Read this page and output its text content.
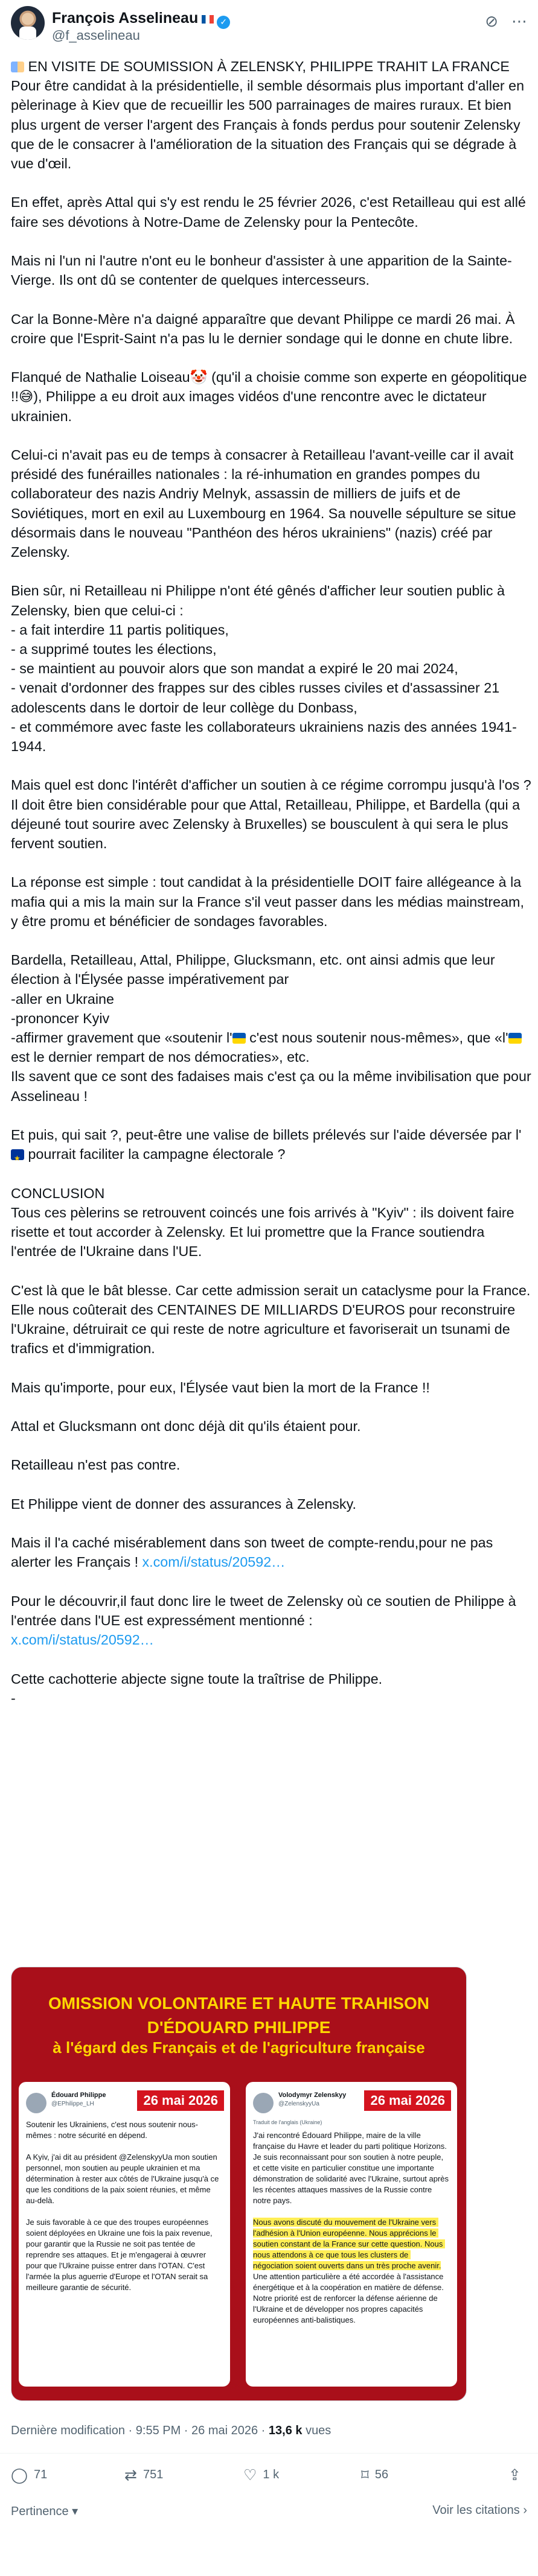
François Asselineau	✓
@f_asselineau
⊘ ⋯

EN VISITE DE SOUMISSION À ZELENSKY, PHILIPPE TRAHIT LA FRANCE
Pour être candidat à la présidentielle, il semble désormais plus important d'aller en pèlerinage à Kiev que de recueillir les 500 parrainages de maires ruraux. Et bien plus urgent de verser l'argent des Français à fonds perdus pour soutenir Zelensky que de le consacrer à l'amélioration de la situation des Français qui se dégrade à vue d'œil.

En effet, après Attal qui s'y est rendu le 25 février 2026, c'est Retailleau qui est allé faire ses dévotions à Notre-Dame de Zelensky pour la Pentecôte.

Mais ni l'un ni l'autre n'ont eu le bonheur d'assister à une apparition de la Sainte-Vierge. Ils ont dû se contenter de quelques intercesseurs.

Car la Bonne-Mère n'a daigné apparaître que devant Philippe ce mardi 26 mai. À croire que l'Esprit-Saint n'a pas lu le dernier sondage qui le donne en chute libre.

Flanqué de Nathalie Loiseau🤡 (qu'il a choisie comme son experte en géopolitique !!😅), Philippe a eu droit aux images vidéos d'une rencontre avec le dictateur ukrainien.

Celui-ci n'avait pas eu de temps à consacrer à Retailleau l'avant-veille car il avait présidé des funérailles nationales : la ré-inhumation en grandes pompes du collaborateur des nazis Andriy Melnyk, assassin de milliers de juifs et de Soviétiques, mort en exil au Luxembourg en 1964. Sa nouvelle sépulture se situe désormais dans le nouveau "Panthéon des héros ukrainiens" (nazis) créé par Zelensky.

Bien sûr, ni Retailleau ni Philippe n'ont été gênés d'afficher leur soutien public à Zelensky, bien que celui-ci :
- a fait interdire 11 partis politiques,
- a supprimé toutes les élections,
- se maintient au pouvoir alors que son mandat a expiré le 20 mai 2024,
- venait d'ordonner des frappes sur des cibles russes civiles et d'assassiner 21 adolescents dans le dortoir de leur collège du Donbass,
- et commémore avec faste les collaborateurs ukrainiens nazis des années 1941-1944.

Mais quel est donc l'intérêt d'afficher un soutien à ce régime corrompu jusqu'à l'os ? Il doit être bien considérable pour que Attal, Retailleau, Philippe, et Bardella (qui a déjeuné tout sourire avec Zelensky à Bruxelles) se bousculent à qui sera le plus fervent soutien.

La réponse est simple : tout candidat à la présidentielle DOIT faire allégeance à la mafia qui a mis la main sur la France s'il veut passer dans les médias mainstream, y être promu et bénéficier de sondages favorables.

Bardella, Retailleau, Attal, Philippe, Glucksmann, etc. ont ainsi admis que leur élection à l'Élysée passe impérativement par
-aller en Ukraine
-prononcer Kyiv
-affirmer gravement que «soutenir l' c'est nous soutenir nous-mêmes», que «l' est le dernier rempart de nos démocraties», etc.
Ils savent que ce sont des fadaises mais c'est ça ou la même invibilisation que pour Asselineau !

Et puis, qui sait ?, peut-être une valise de billets prélevés sur l'aide déversée par l' ★ pourrait faciliter la campagne électorale ?

CONCLUSION
Tous ces pèlerins se retrouvent coincés une fois arrivés à "Kyiv" : ils doivent faire risette et tout accorder à Zelensky. Et lui promettre que la France soutiendra l'entrée de l'Ukraine dans l'UE.

C'est là que le bât blesse. Car cette admission serait un cataclysme pour la France. Elle nous coûterait des CENTAINES DE MILLIARDS D'EUROS pour reconstruire l'Ukraine, détruirait ce qui reste de notre agriculture et favoriserait un tsunami de trafics et d'immigration.

Mais qu'importe, pour eux, l'Élysée vaut bien la mort de la France !!

Attal et Glucksmann ont donc déjà dit qu'ils étaient pour.

Retailleau n'est pas contre.

Et Philippe vient de donner des assurances à Zelensky.

Mais il l'a caché misérablement dans son tweet de compte-rendu,pour ne pas alerter les Français ! x.com/i/status/20592…

Pour le découvrir,il faut donc lire le tweet de Zelensky où ce soutien de Philippe à l'entrée dans l'UE est expressément mentionné :
x.com/i/status/20592…

Cette cachotterie abjecte signe toute la traîtrise de Philippe.
-

OMISSION VOLONTAIRE ET HAUTE TRAHISON D'ÉDOUARD PHILIPPE
à l'égard des Français et de l'agriculture française
Édouard Philippe
@EPhilippe_LH	26 mai 2026
Soutenir les Ukrainiens, c'est nous soutenir nous-mêmes : notre sécurité en dépend.

A Kyiv, j'ai dit au président @ZelenskyyUa mon soutien personnel, mon soutien au peuple ukrainien et ma détermination à rester aux côtés de l'Ukraine jusqu'à ce que les conditions de la paix soient réunies, et même au-delà.

Je suis favorable à ce que des troupes européennes soient déployées en Ukraine une fois la paix revenue, pour garantir que la Russie ne soit pas tentée de reprendre ses attaques. Et je m'engagerai à œuvrer pour que l'Ukraine puisse entrer dans l'OTAN. C'est l'armée la plus aguerrie d'Europe et l'OTAN serait sa meilleure garantie de sécurité.
Volodymyr Zelenskyy
@ZelenskyyUa	26 mai 2026
Traduit de l'anglais (Ukraine)
J'ai rencontré Édouard Philippe, maire de la ville française du Havre et leader du parti politique Horizons. Je suis reconnaissant pour son soutien à notre peuple, et cette visite en particulier constitue une importante démonstration de solidarité avec l'Ukraine, surtout après les récentes attaques massives de la Russie contre notre pays.

Nous avons discuté du mouvement de l'Ukraine vers l'adhésion à l'Union européenne. Nous apprécions le soutien constant de la France sur cette question. Nous nous attendons à ce que tous les clusters de négociation soient ouverts dans un très proche avenir. Une attention particulière a été accordée à l'assistance énergétique et à la coopération en matière de défense. Notre priorité est de renforcer la défense aérienne de l'Ukraine et de développer nos propres capacités européennes anti-balistiques.
Dernière modification · 9:55 PM · 26 mai 2026 · 13,6 k vues
◯ 71	⇄ 751	♡ 1 k	⌑ 56	⇪
Pertinence ▾	Voir les citations ›
